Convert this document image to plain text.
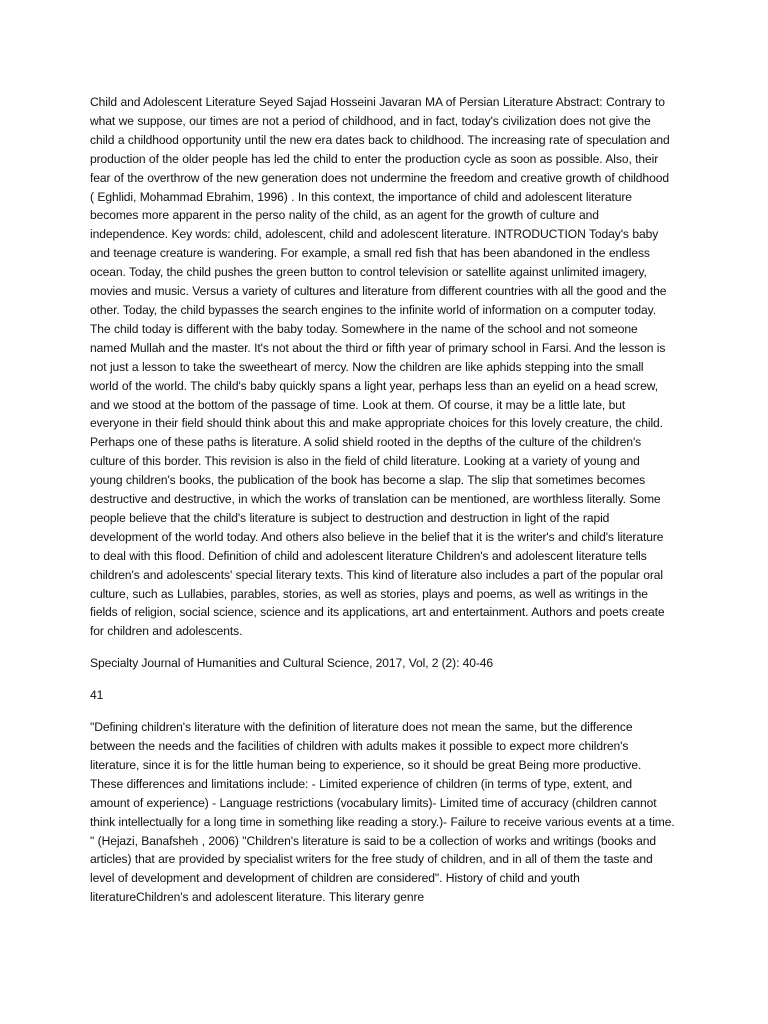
Child and Adolescent Literature Seyed Sajad Hosseini Javaran MA of Persian Literature Abstract: Contrary to what we suppose, our times are not a period of childhood, and in fact, today's civilization does not give the child a childhood opportunity until the new era dates back to childhood. The increasing rate of speculation and production of the older people has led the child to enter the production cycle as soon as possible. Also, their fear of the overthrow of the new generation does not undermine the freedom and creative growth of childhood ( Eghlidi, Mohammad Ebrahim, 1996) . In this context, the importance of child and adolescent literature becomes more apparent in the perso nality of the child, as an agent for the growth of culture and independence. Key words: child, adolescent, child and adolescent literature. INTRODUCTION Today's baby and teenage creature is wandering. For example, a small red fish that has been abandoned in the endless ocean. Today, the child pushes the green button to control television or satellite against unlimited imagery, movies and music. Versus a variety of cultures and literature from different countries with all the good and the other. Today, the child bypasses the search engines to the infinite world of information on a computer today. The child today is different with the baby today. Somewhere in the name of the school and not someone named Mullah and the master. It's not about the third or fifth year of primary school in Farsi. And the lesson is not just a lesson to take the sweetheart of mercy. Now the children are like aphids stepping into the small world of the world. The child's baby quickly spans a light year, perhaps less than an eyelid on a head screw, and we stood at the bottom of the passage of time. Look at them. Of course, it may be a little late, but everyone in their field should think about this and make appropriate choices for this lovely creature, the child. Perhaps one of these paths is literature. A solid shield rooted in the depths of the culture of the children's culture of this border. This revision is also in the field of child literature. Looking at a variety of young and young children's books, the publication of the book has become a slap. The slip that sometimes becomes destructive and destructive, in which the works of translation can be mentioned, are worthless literally. Some people believe that the child's literature is subject to destruction and destruction in light of the rapid development of the world today. And others also believe in the belief that it is the writer's and child's literature to deal with this flood. Definition of child and adolescent literature Children's and adolescent literature tells children's and adolescents' special literary texts. This kind of literature also includes a part of the popular oral culture, such as Lullabies, parables, stories, as well as stories, plays and poems, as well as writings in the fields of religion, social science, science and its applications, art and entertainment. Authors and poets create for children and adolescents.

Specialty Journal of Humanities and Cultural Science, 2017, Vol, 2 (2): 40-46

41

"Defining children's literature with the definition of literature does not mean the same, but the difference between the needs and the facilities of children with adults makes it possible to expect more children's literature, since it is for the little human being to experience, so it should be great Being more productive. These differences and limitations include: - Limited experience of children (in terms of type, extent, and amount of experience) - Language restrictions (vocabulary limits)- Limited time of accuracy (children cannot think intellectually for a long time in something like reading a story.)- Failure to receive various events at a time. " (Hejazi, Banafsheh , 2006) "Children's literature is said to be a collection of works and writings (books and articles) that are provided by specialist writers for the free study of children, and in all of them the taste and level of development and development of children are considered". History of child and youth literatureChildren's and adolescent literature. This literary genre
